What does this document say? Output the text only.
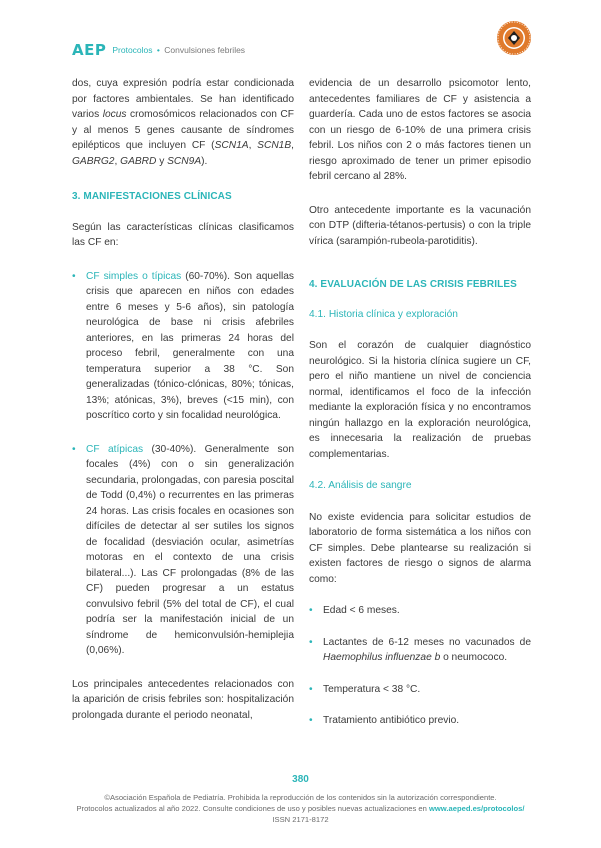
AEP Protocolos • Convulsiones febriles

dos, cuya expresión podría estar condicionada por factores ambientales. Se han identificado varios locus cromosómicos relacionados con CF y al menos 5 genes causante de síndromes epilépticos que incluyen CF (SCN1A, SCN1B, GABRG2, GABRD y SCN9A).

3. MANIFESTACIONES CLÍNICAS

Según las características clínicas clasificamos las CF en:

• CF simples o típicas (60-70%). Son aquellas crisis que aparecen en niños con edades entre 6 meses y 5-6 años), sin patología neurológica de base ni crisis afebriles anteriores, en las primeras 24 horas del proceso febril, generalmente con una temperatura superior a 38 °C. Son generalizadas (tónico-clónicas, 80%; tónicas, 13%; atónicas, 3%), breves (<15 min), con poscrítico corto y sin focalidad neurológica.

• CF atípicas (30-40%). Generalmente son focales (4%) con o sin generalización secundaria, prolongadas, con paresia poscital de Todd (0,4%) o recurrentes en las primeras 24 horas. Las crisis focales en ocasiones son difíciles de detectar al ser sutiles los signos de focalidad (desviación ocular, asimetrías motoras en el contexto de una crisis bilateral...). Las CF prolongadas (8% de las CF) pueden progresar a un estatus convulsivo febril (5% del total de CF), el cual podría ser la manifestación inicial de un síndrome de hemiconvulsión-hemiplejia (0,06%).

Los principales antecedentes relacionados con la aparición de crisis febriles son: hospitalización prolongada durante el periodo neonatal,

evidencia de un desarrollo psicomotor lento, antecedentes familiares de CF y asistencia a guardería. Cada uno de estos factores se asocia con un riesgo de 6-10% de una primera crisis febril. Los niños con 2 o más factores tienen un riesgo aproximado de tener un primer episodio febril cercano al 28%.

Otro antecedente importante es la vacunación con DTP (difteria-tétanos-pertusis) o con la triple vírica (sarampión-rubeola-parotiditis).

4. EVALUACIÓN DE LAS CRISIS FEBRILES
4.1. Historia clínica y exploración

Son el corazón de cualquier diagnóstico neurológico. Si la historia clínica sugiere un CF, pero el niño mantiene un nivel de conciencia normal, identificamos el foco de la infección mediante la exploración física y no encontramos ningún hallazgo en la exploración neurológica, es innecesaria la realización de pruebas complementarias.

4.2. Análisis de sangre

No existe evidencia para solicitar estudios de laboratorio de forma sistemática a los niños con CF simples. Debe plantearse su realización si existen factores de riesgo o signos de alarma como:

• Edad < 6 meses.

• Lactantes de 6-12 meses no vacunados de Haemophilus influenzae b o neumococo.

• Temperatura < 38 °C.

• Tratamiento antibiótico previo.

380
©Asociación Española de Pediatría. Prohibida la reproducción de los contenidos sin la autorización correspondiente.
Protocolos actualizados al año 2022. Consulte condiciones de uso y posibles nuevas actualizaciones en www.aeped.es/protocolos/
ISSN 2171-8172
